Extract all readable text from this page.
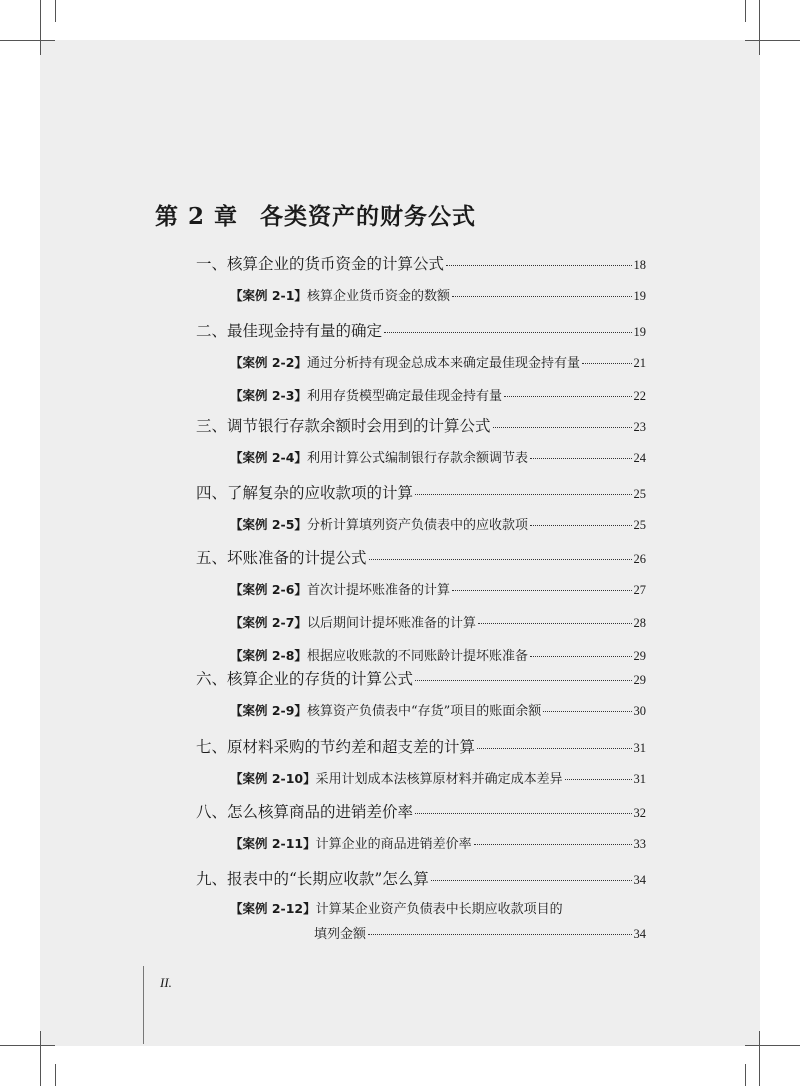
第 2 章 各类资产的财务公式
一、核算企业的货币资金的计算公式	18
【案例 2-1】核算企业货币资金的数额	19
二、最佳现金持有量的确定	19
【案例 2-2】通过分析持有现金总成本来确定最佳现金持有量	21
【案例 2-3】利用存货模型确定最佳现金持有量	22
三、调节银行存款余额时会用到的计算公式	23
【案例 2-4】利用计算公式编制银行存款余额调节表	24
四、了解复杂的应收款项的计算	25
【案例 2-5】分析计算填列资产负债表中的应收款项	25
五、坏账准备的计提公式	26
【案例 2-6】首次计提坏账准备的计算	27
【案例 2-7】以后期间计提坏账准备的计算	28
【案例 2-8】根据应收账款的不同账龄计提坏账准备	29
六、核算企业的存货的计算公式	29
【案例 2-9】核算资产负债表中“存货”项目的账面余额	30
七、原材料采购的节约差和超支差的计算	31
【案例 2-10】采用计划成本法核算原材料并确定成本差异	31
八、怎么核算商品的进销差价率	32
【案例 2-11】计算企业的商品进销差价率	33
九、报表中的“长期应收款”怎么算	34
【案例 2-12】计算某企业资产负债表中长期应收款项目的
填列金额	34
II.
